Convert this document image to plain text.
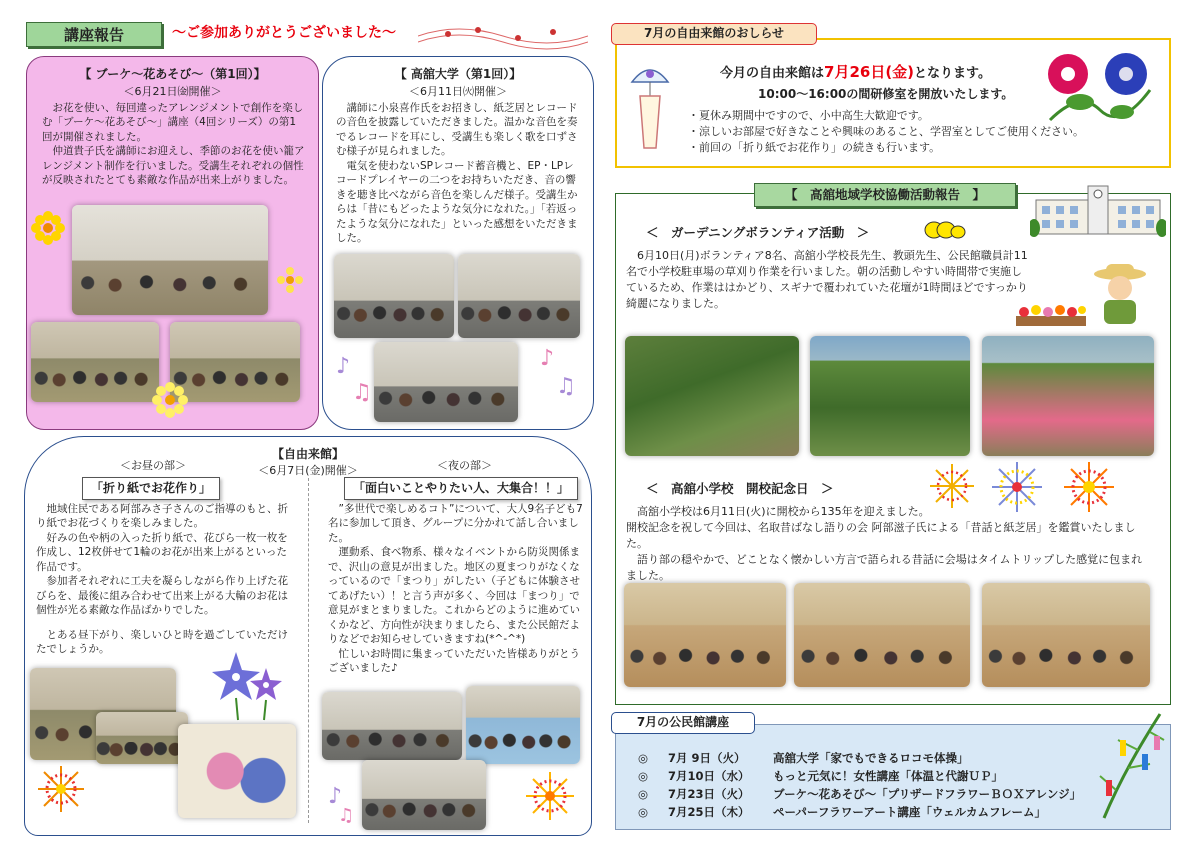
講座報告	～ご参加ありがとうございました～
【 ブーケ～花あそび～（第1回）】
＜6月21日㈮開催＞

　お花を使い、毎回違ったアレンジメントで創作を楽しむ「ブーケ～花あそび～」講座（4回シリーズ）の第1回が開催されました。

　仲道貴子氏を講師にお迎えし、季節のお花を使い籠アレンジメント制作を行いました。受講生それぞれの個性が反映されたとても素敵な作品が出来上がりました。

【 高舘大学（第1回）】
＜6月11日㈫開催＞

　講師に小泉喜作氏をお招きし、紙芝居とレコードの音色を披露していただきました。温かな音色を奏でるレコードを耳にし、受講生も楽しく歌を口ずさむ様子が見られました。

　電気を使わないSPレコード蓄音機と、EP・LPレコードプレイヤーの二つをお持ちいただき、音の響きを聴き比べながら音色を楽しんだ様子。受講生からは「昔にもどったような気分になれた。」「若返ったような気分になれた」といった感想をいただきました。

♪
♫
♪
♫
【自由来館】
＜6月7日(金)開催＞
＜お昼の部＞	＜夜の部＞
「折り紙でお花作り」	「面白いことやりたい人、大集合！！」

　地域住民である阿部みさ子さんのご指導のもと、折り紙でお花づくりを楽しみました。

　好みの色や柄の入った折り紙で、花びら一枚一枚を作成し、12枚併せて1輪のお花が出来上がるといった作品です。

　参加者それぞれに工夫を凝らしながら作り上げた花びらを、最後に組み合わせて出来上がる大輪のお花は個性が光る素敵な作品ばかりでした。

　とある昼下がり、楽しいひと時を過ごしていただけたでしょうか。

　”多世代で楽しめるコト”について、大人9名子ども7名に参加して頂き、グループに分かれて話し合いました。

　運動系、食べ物系、様々なイベントから防災関係まで、沢山の意見が出ました。地区の夏まつりがなくなっているので「まつり」がしたい（子どもに体験させてあげたい）！と言う声が多く、今回は「まつり」で意見がまとまりました。これからどのように進めていくかなど、方向性が決まりましたら、また公民館だよりなどでお知らせしていきますね(*^-^*)

　忙しいお時間に集まっていただいた皆様ありがとうございました♪

♪
♫
7月の自由来館のおしらせ
今月の自由来館は7月26日(金)となります。
10:00～16:00の間研修室を開放いたします。

・夏休み期間中ですので、小中高生大歓迎です。

・涼しいお部屋で好きなことや興味のあること、学習室としてご使用ください。

・前回の「折り紙でお花作り」の続きも行います。

【　高舘地域学校協働活動報告　】
＜　ガーデニングボランティア活動　＞
　6月10日(月)ボランティア8名、高舘小学校長先生、教頭先生、公民館職員計11名で小学校駐車場の草刈り作業を行いました。朝の活動しやすい時間帯で実施しているため、作業ははかどり、スギナで覆われていた花壇が1時間ほどですっかり綺麗になりました。
＜　高舘小学校　開校記念日　＞

　高舘小学校は6月11日(火)に開校から135年を迎えました。

開校記念を祝して今回は、名取昔ばなし語りの会 阿部滋子氏による「昔話と紙芝居」を鑑賞いたしました。

　語り部の穏やかで、どことなく懐かしい方言で語られる昔話に会場はタイムトリップした感覚に包まれました。

7月の公民館講座
◎ 7月 9日（火） 高舘大学「家でもできるロコモ体操」
◎ 7月10日（水） もっと元気に！女性講座「体温と代謝ＵＰ」
◎ 7月23日（火） ブーケ～花あそび～「プリザードフラワーＢＯＸアレンジ」
◎ 7月25日（木） ペーパーフラワーアート講座「ウェルカムフレーム」
